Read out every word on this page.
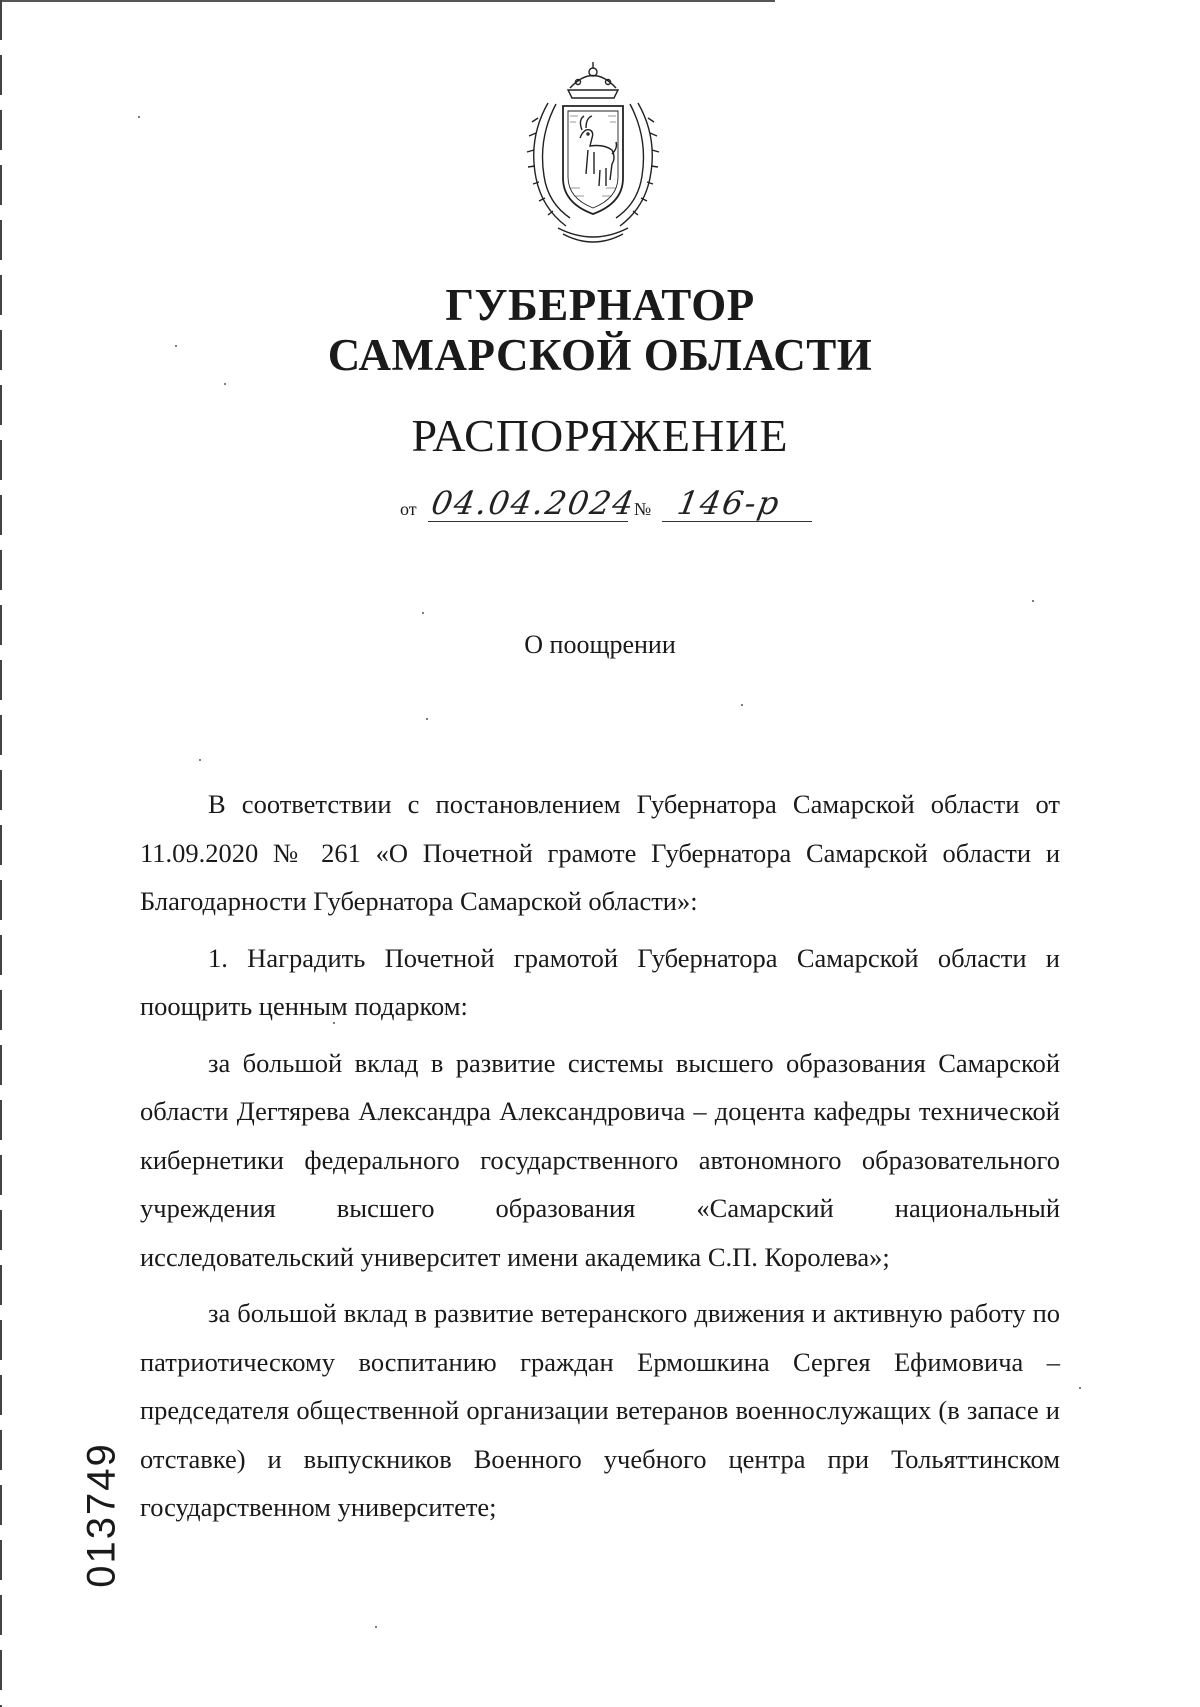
ГУБЕРНАТОР
САМАРСКОЙ ОБЛАСТИ
РАСПОРЯЖЕНИЕ
от 04.04.2024
№ 146-р
О поощрении

В соответствии с постановлением Губернатора Самарской области от 11.09.2020 № 261 «О Почетной грамоте Губернатора Самарской области и Благодарности Губернатора Самарской области»:

1. Наградить Почетной грамотой Губернатора Самарской области и поощрить ценным подарком:

за большой вклад в развитие системы высшего образования Самарской области Дегтярева Александра Александровича – доцента кафедры технической кибернетики федерального государственного автономного образовательного учреждения высшего образования «Самарский национальный исследовательский университет имени академика С.П. Королева»;

за большой вклад в развитие ветеранского движения и активную работу по патриотическому воспитанию граждан Ермошкина Сергея Ефимовича – председателя общественной организации ветеранов военнослужащих (в запасе и отставке) и выпускников Военного учебного центра при Тольяттинском государственном университете;

013749
